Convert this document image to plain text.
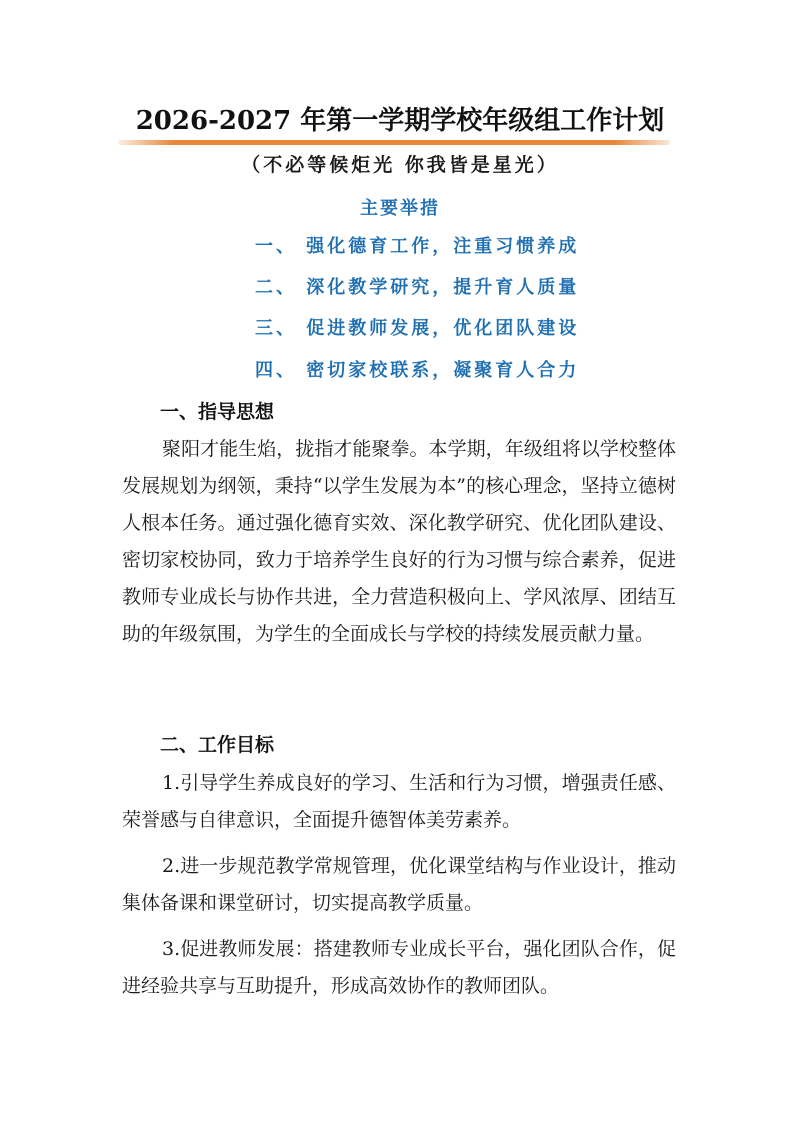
2026-2027 年第一学期学校年级组工作计划
（不必等候炬光 你我皆是星光）
主要举措
一、 强化德育工作，注重习惯养成
二、 深化教学研究，提升育人质量
三、 促进教师发展，优化团队建设
四、 密切家校联系，凝聚育人合力
一、指导思想

聚阳才能生焰，拢指才能聚拳。本学期，年级组将以学校整体发展规划为纲领，秉持“以学生发展为本”的核心理念，坚持立德树人根本任务。通过强化德育实效、深化教学研究、优化团队建设、密切家校协同，致力于培养学生良好的行为习惯与综合素养，促进教师专业成长与协作共进，全力营造积极向上、学风浓厚、团结互助的年级氛围，为学生的全面成长与学校的持续发展贡献力量。

二、工作目标

1.引导学生养成良好的学习、生活和行为习惯，增强责任感、荣誉感与自律意识，全面提升德智体美劳素养。

2.进一步规范教学常规管理，优化课堂结构与作业设计，推动集体备课和课堂研讨，切实提高教学质量。

3.促进教师发展：搭建教师专业成长平台，强化团队合作，促进经验共享与互助提升，形成高效协作的教师团队。
